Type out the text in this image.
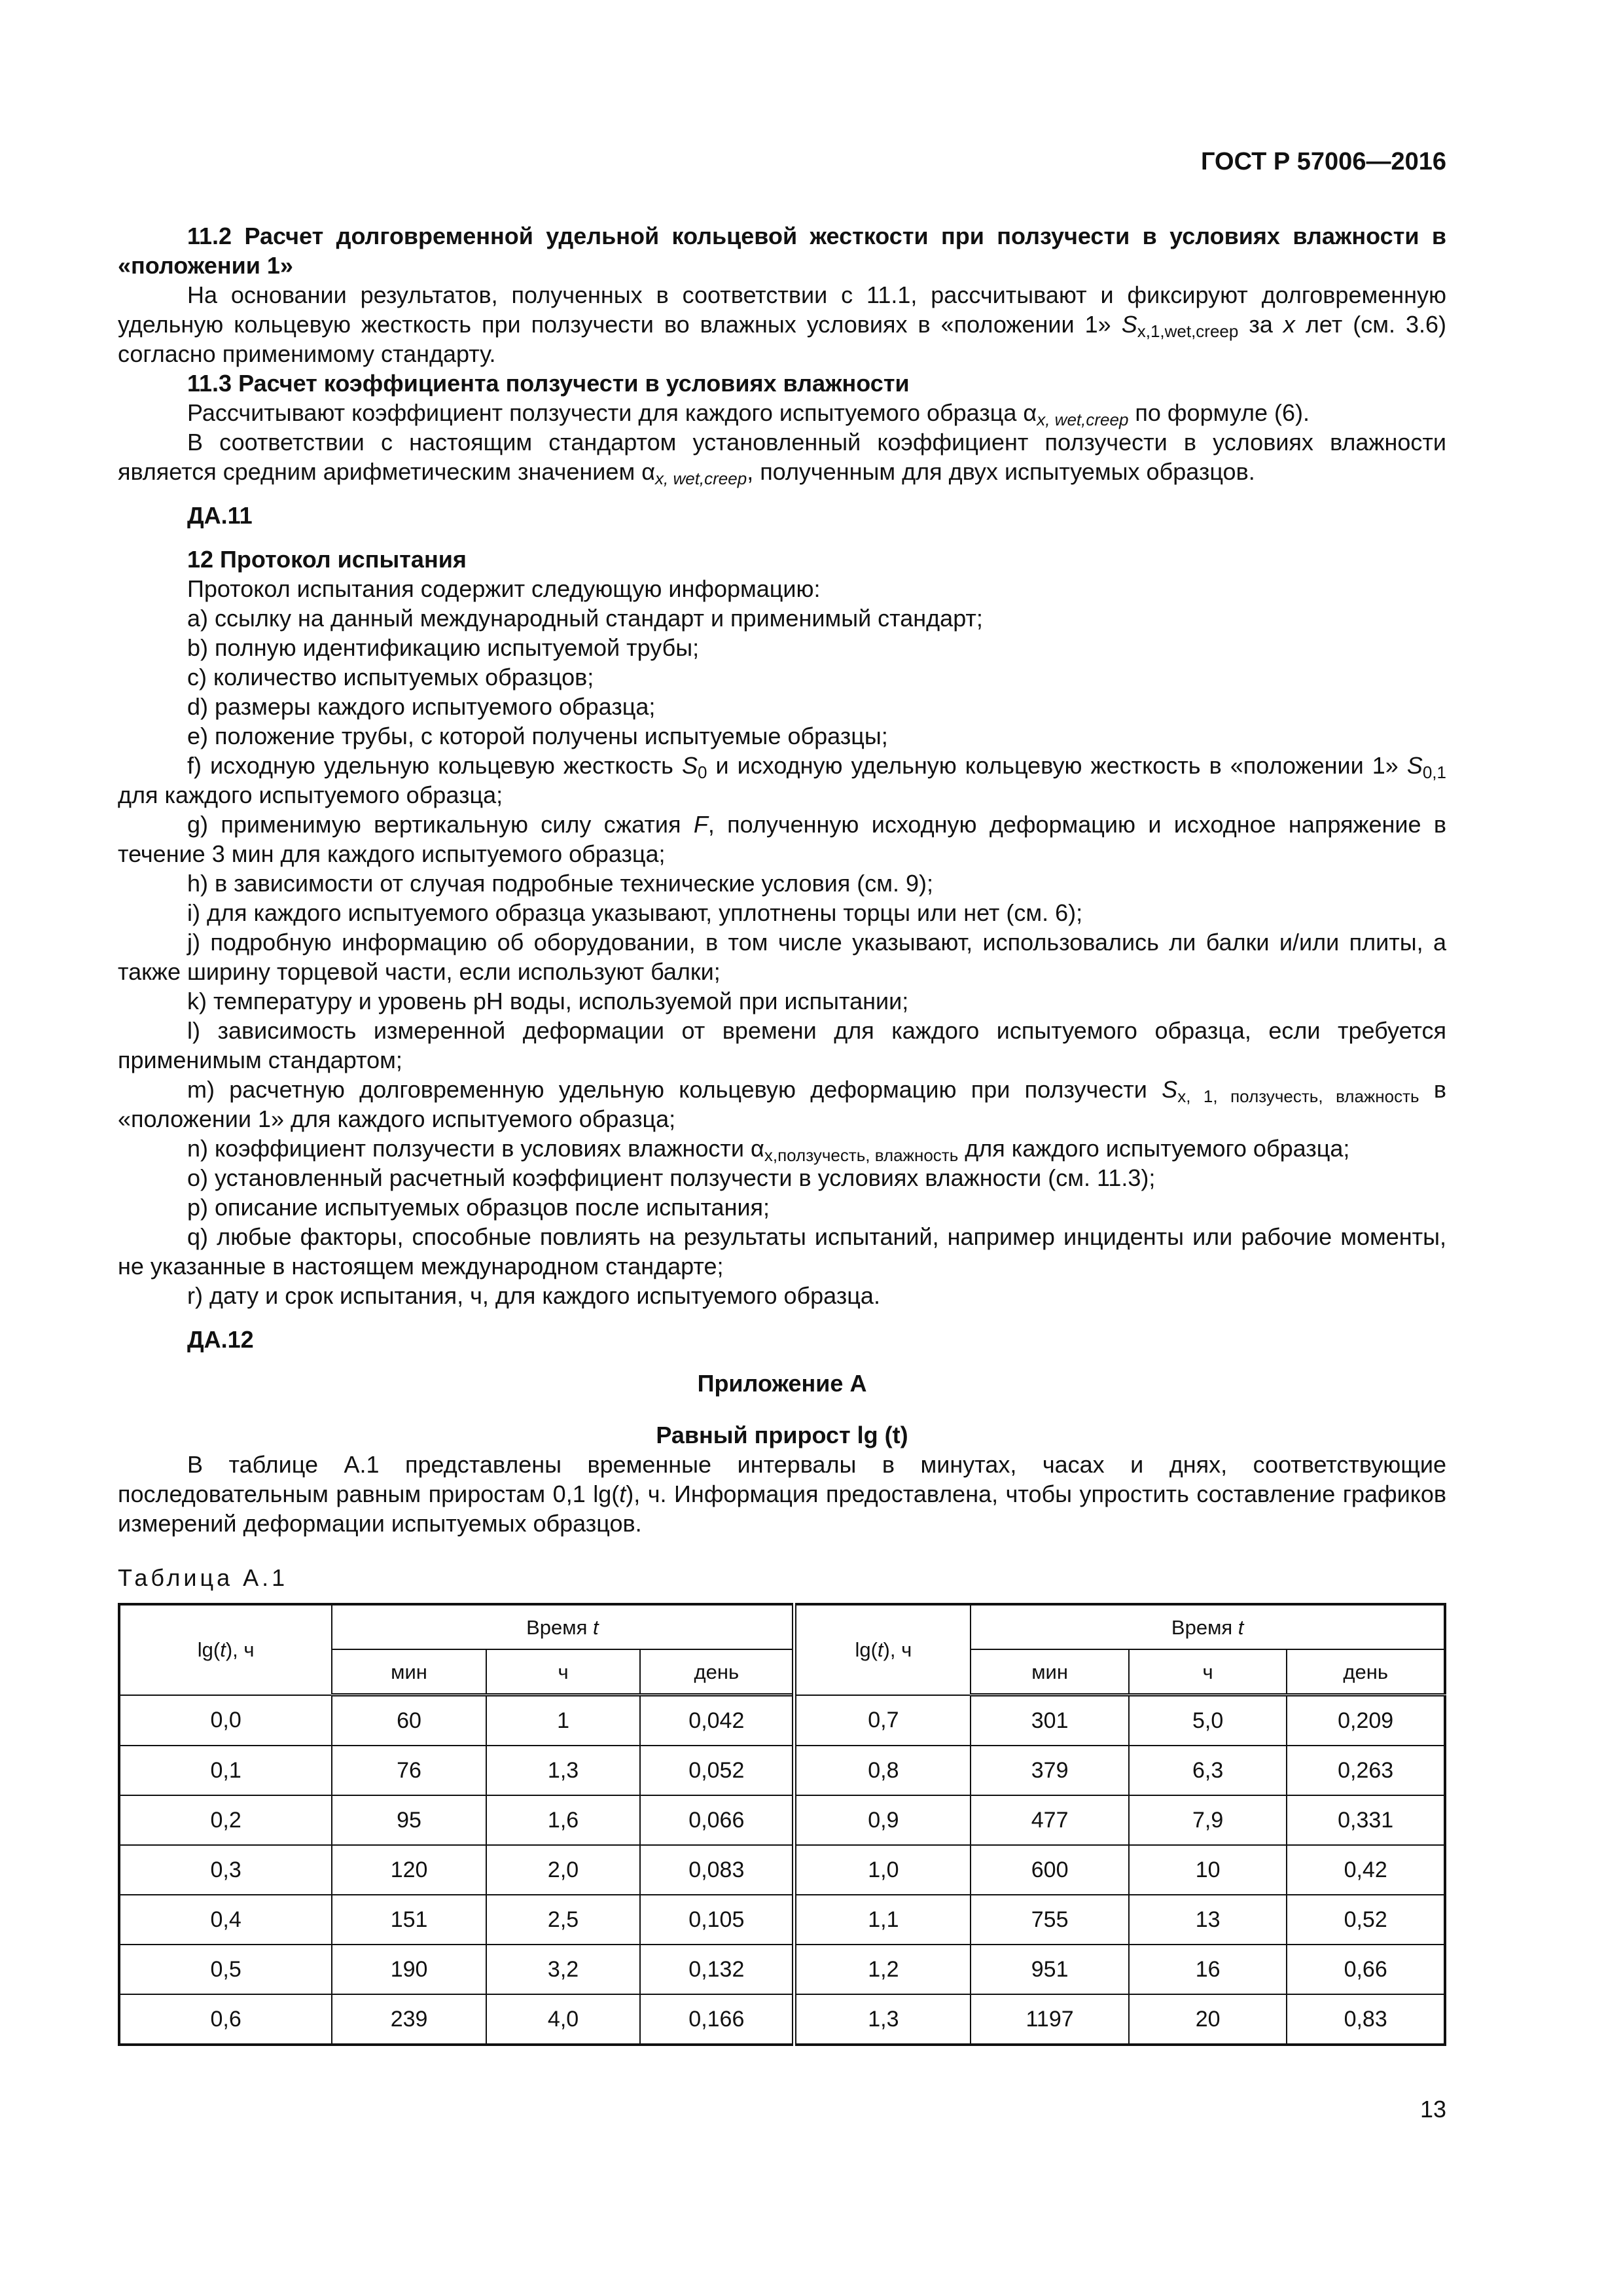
ГОСТ Р 57006—2016

11.2 Расчет долговременной удельной кольцевой жесткости при ползучести в условиях влажности в «положении 1»

На основании результатов, полученных в соответствии с 11.1, рассчитывают и фиксируют долговременную удельную кольцевую жесткость при ползучести во влажных условиях в «положении 1» $S_{x,1,wet,creep}$ за x лет (см. 3.6) согласно применимому стандарту.

11.3 Расчет коэффициента ползучести в условиях влажности

Рассчитывают коэффициент ползучести для каждого испытуемого образца $\alpha_{x, wet,creep}$ по формуле (6).

В соответствии с настоящим стандартом установленный коэффициент ползучести в условиях влажности является средним арифметическим значением $\alpha_{x, wet,creep}$, полученным для двух испытуемых образцов.

ДА.11

12 Протокол испытания

Протокол испытания содержит следующую информацию:

a) ссылку на данный международный стандарт и применимый стандарт;

b) полную идентификацию испытуемой трубы;

c) количество испытуемых образцов;

d) размеры каждого испытуемого образца;

e) положение трубы, с которой получены испытуемые образцы;

f) исходную удельную кольцевую жесткость $S_0$ и исходную удельную кольцевую жесткость в «положении 1» $S_{0,1}$ для каждого испытуемого образца;

g) применимую вертикальную силу сжатия F, полученную исходную деформацию и исходное напряжение в течение 3 мин для каждого испытуемого образца;

h) в зависимости от случая подробные технические условия (см. 9);

i) для каждого испытуемого образца указывают, уплотнены торцы или нет (см. 6);

j) подробную информацию об оборудовании, в том числе указывают, использовались ли балки и/или плиты, а также ширину торцевой части, если используют балки;

k) температуру и уровень pH воды, используемой при испытании;

l) зависимость измеренной деформации от времени для каждого испытуемого образца, если требуется применимым стандартом;

m) расчетную долговременную удельную кольцевую деформацию при ползучести $S_{x, 1, ползучесть, влажность}$ в «положении 1» для каждого испытуемого образца;

n) коэффициент ползучести в условиях влажности $\alpha_{x,ползучесть, влажность}$ для каждого испытуемого образца;

o) установленный расчетный коэффициент ползучести в условиях влажности (см. 11.3);

p) описание испытуемых образцов после испытания;

q) любые факторы, способные повлиять на результаты испытаний, например инциденты или рабочие моменты, не указанные в настоящем международном стандарте;

r) дату и срок испытания, ч, для каждого испытуемого образца.

ДА.12

Приложение А

Равный прирост lg (t)

В таблице А.1 представлены временные интервалы в минутах, часах и днях, соответствующие последовательным равным приростам 0,1 lg(t), ч. Информация предоставлена, чтобы упростить составление графиков измерений деформации испытуемых образцов.

Таблица А.1

lg(t), ч	Время t			lg(t), ч	Время t		
	мин	ч	день		мин	ч	день
0,0	60	1	0,042	0,7	301	5,0	0,209
0,1	76	1,3	0,052	0,8	379	6,3	0,263
0,2	95	1,6	0,066	0,9	477	7,9	0,331
0,3	120	2,0	0,083	1,0	600	10	0,42
0,4	151	2,5	0,105	1,1	755	13	0,52
0,5	190	3,2	0,132	1,2	951	16	0,66
0,6	239	4,0	0,166	1,3	1197	20	0,83
13
